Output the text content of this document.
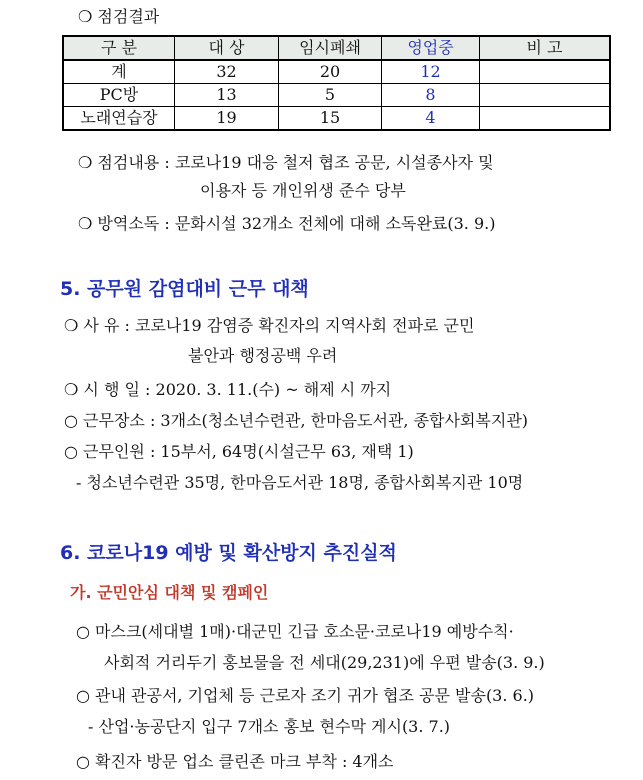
❍ 점검결과
구 분	대 상	임시폐쇄	영업중	비 고
계	32	20	12	
PC방	13	5	8	
노래연습장	19	15	4	
❍ 점검내용 : 코로나19 대응 철저 협조 공문, 시설종사자 및
이용자 등 개인위생 준수 당부
❍ 방역소독 : 문화시설 32개소 전체에 대해 소독완료(3. 9.)
5. 공무원 감염대비 근무 대책
❍ 사 유 : 코로나19 감염증 확진자의 지역사회 전파로 군민
불안과 행정공백 우려
❍ 시 행 일 : 2020. 3. 11.(수) ~ 해제 시 까지
○ 근무장소 : 3개소(청소년수련관, 한마음도서관, 종합사회복지관)
○ 근무인원 : 15부서, 64명(시설근무 63, 재택 1)
- 청소년수련관 35명, 한마음도서관 18명, 종합사회복지관 10명
6. 코로나19 예방 및 확산방지 추진실적
가. 군민안심 대책 및 캠페인
○ 마스크(세대별 1매)·대군민 긴급 호소문·코로나19 예방수칙·
사회적 거리두기 홍보물을 전 세대(29,231)에 우편 발송(3. 9.)
○ 관내 관공서, 기업체 등 근로자 조기 귀가 협조 공문 발송(3. 6.)
- 산업·농공단지 입구 7개소 홍보 현수막 게시(3. 7.)
○ 확진자 방문 업소 클린존 마크 부착 : 4개소
